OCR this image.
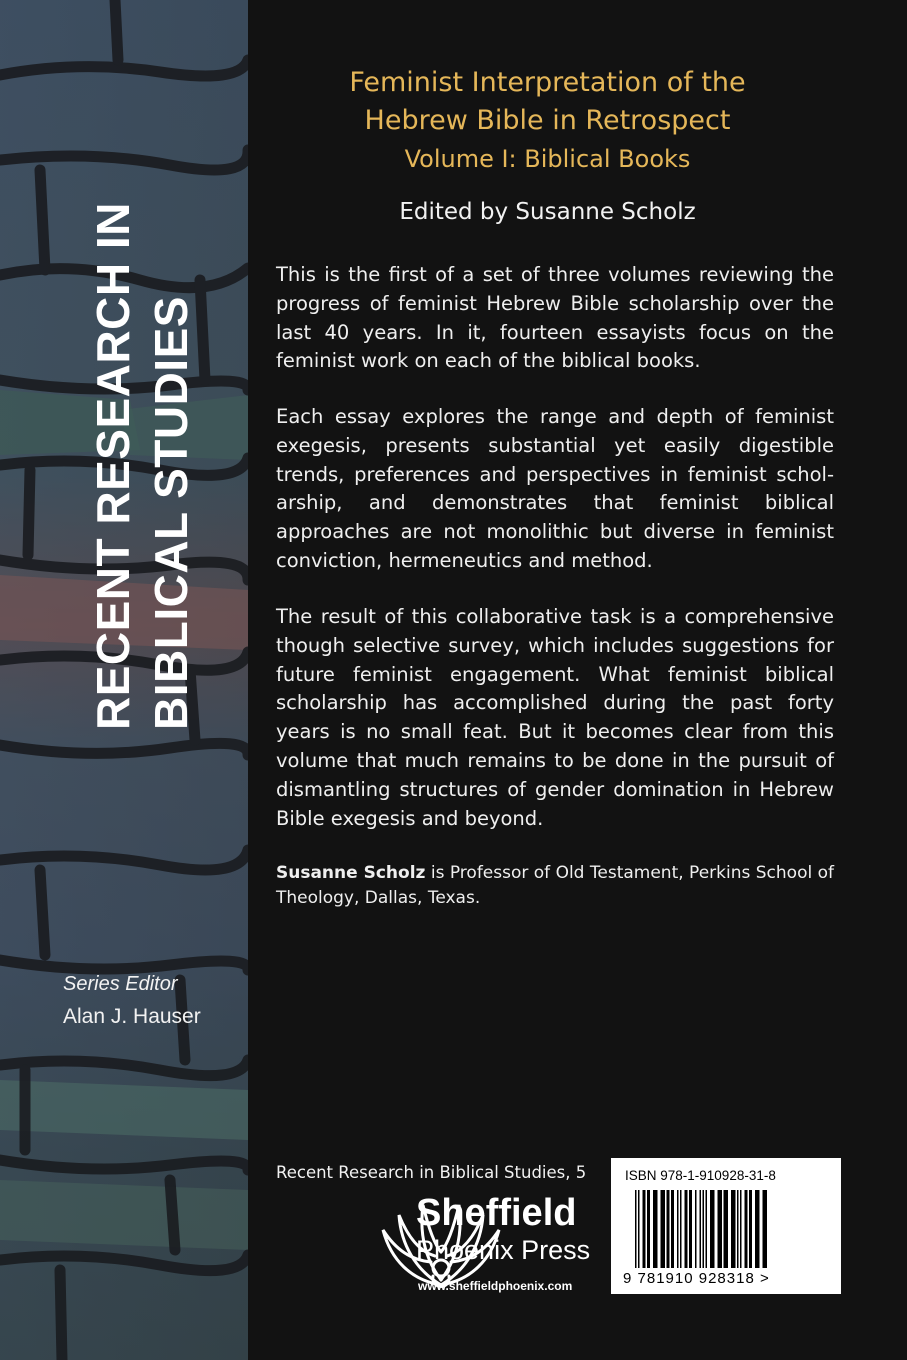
RECENT RESEARCH IN BIBLICAL STUDIES
Series Editor
Alan J. Hauser
Feminist Interpretation of the
Hebrew Bible in Retrospect
Volume I: Biblical Books
Edited by Susanne Scholz
This is the first of a set of three volumes reviewing the progress of feminist Hebrew Bible scholarship over the last 40 years. In it, fourteen essayists focus on the feminist work on each of the biblical books.
Each essay explores the range and depth of feminist exegesis, presents substantial yet easily digestible trends, preferences and perspectives in feminist scholarship, and demonstrates that feminist biblical approaches are not monolithic but diverse in feminist conviction, hermeneutics and method.
The result of this collaborative task is a comprehensive though selective survey, which includes suggestions for future feminist engagement. What feminist biblical scholarship has accomplished during the past forty years is no small feat. But it becomes clear from this volume that much remains to be done in the pursuit of dismantling structures of gender domination in Hebrew Bible exegesis and beyond.
Susanne Scholz is Professor of Old Testament, Perkins School of Theology, Dallas, Texas.
Recent Research in Biblical Studies, 5
Sheffield
Phoenix Press
www.sheffieldphoenix.com
ISBN 978-1-910928-31-8
9 781910 928318 >
